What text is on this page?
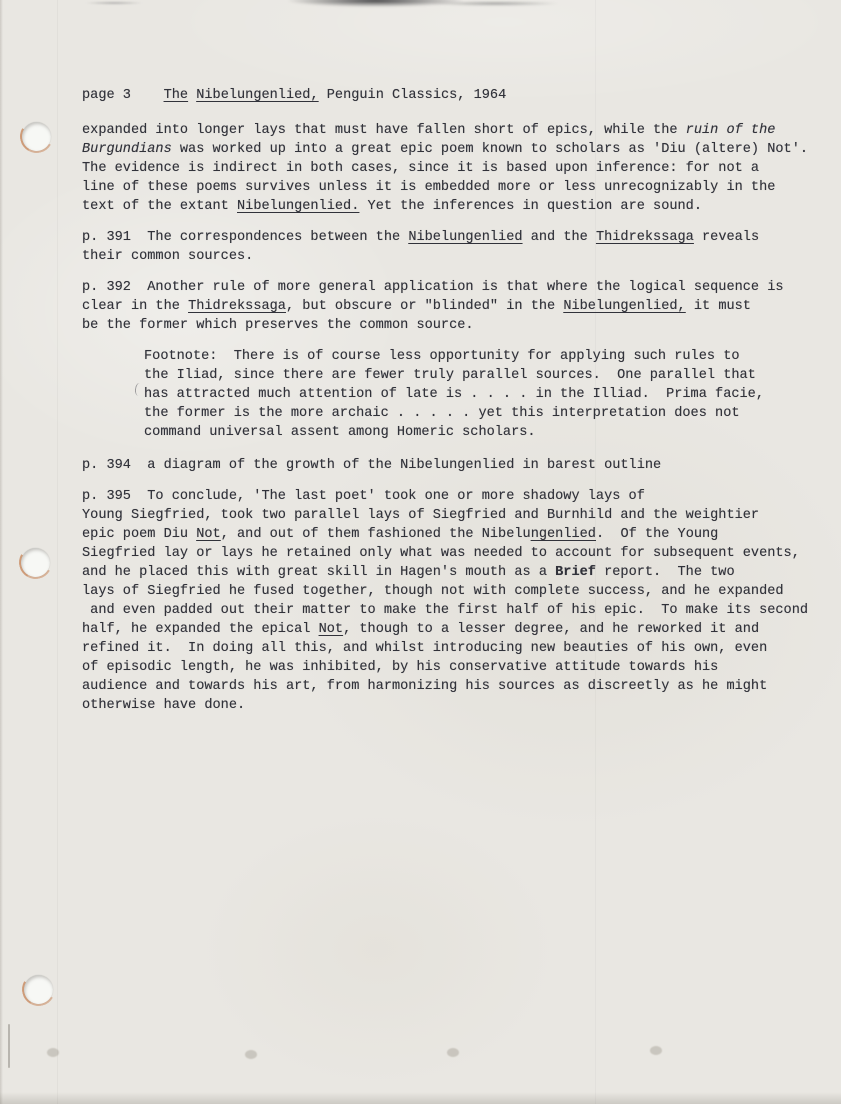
page 3    The Nibelungenlied, Penguin Classics, 1964
expanded into longer lays that must have fallen short of epics, while the ruin of the
Burgundians was worked up into a great epic poem known to scholars as 'Diu (altere) Not'.
The evidence is indirect in both cases, since it is based upon inference: for not a
line of these poems survives unless it is embedded more or less unrecognizably in the
text of the extant Nibelungenlied. Yet the inferences in question are sound.
p. 391  The correspondences between the Nibelungenlied and the Thidrekssaga reveals
their common sources.
p. 392  Another rule of more general application is that where the logical sequence is
clear in the Thidrekssaga, but obscure or "blinded" in the Nibelungenlied, it must
be the former which preserves the common source.
Footnote:  There is of course less opportunity for applying such rules to
the Iliad, since there are fewer truly parallel sources.  One parallel that
has attracted much attention of late is . . . . in the Illiad.  Prima facie,
the former is the more archaic . . . . . yet this interpretation does not
command universal assent among Homeric scholars.
p. 394  a diagram of the growth of the Nibelungenlied in barest outline
p. 395  To conclude, 'The last poet' took one or more shadowy lays of
Young Siegfried, took two parallel lays of Siegfried and Burnhild and the weightier
epic poem Diu Not, and out of them fashioned the Nibelungenlied.  Of the Young
Siegfried lay or lays he retained only what was needed to account for subsequent events,
and he placed this with great skill in Hagen's mouth as a Brief report.  The two
lays of Siegfried he fused together, though not with complete success, and he expanded
and even padded out their matter to make the first half of his epic.  To make its second
half, he expanded the epical Not, though to a lesser degree, and he reworked it and
refined it.  In doing all this, and whilst introducing new beauties of his own, even
of episodic length, he was inhibited, by his conservative attitude towards his
audience and towards his art, from harmonizing his sources as discreetly as he might
otherwise have done.
